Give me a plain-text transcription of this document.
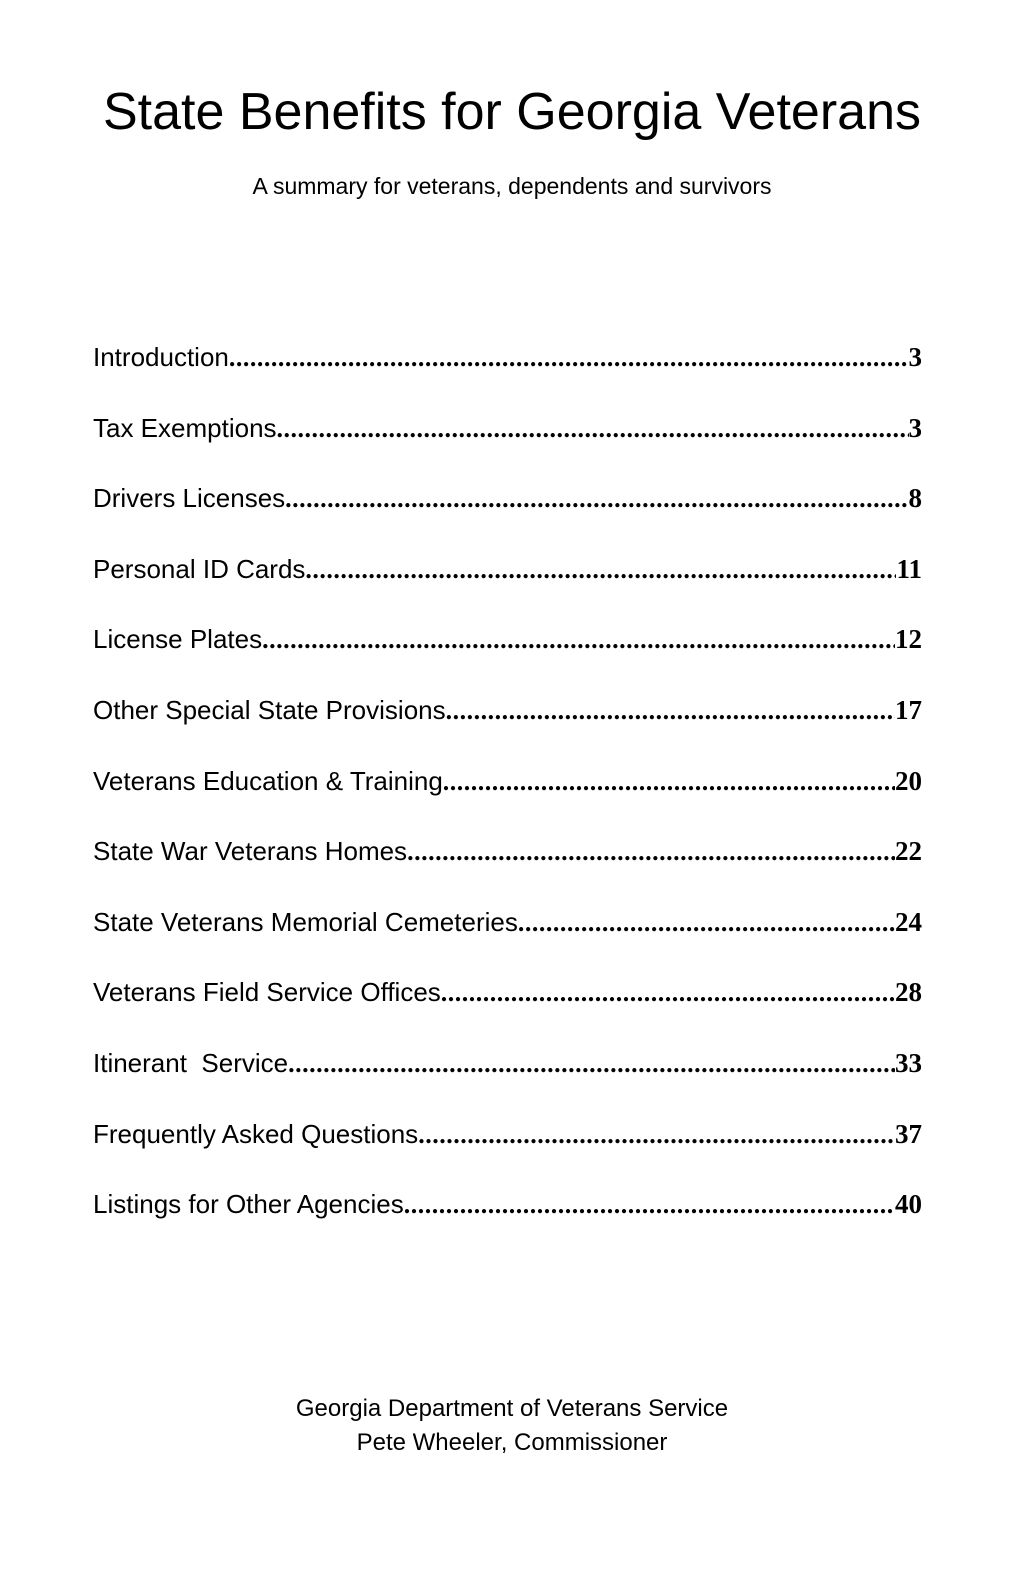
State Benefits for Georgia Veterans
A summary for veterans, dependents and survivors
Introduction .....	3
Tax Exemptions .....	3
Drivers Licenses .....	8
Personal ID Cards .....	11
License Plates .....	12
Other Special State Provisions .....	17
Veterans Education & Training .....	20
State War Veterans Homes .....	22
State Veterans Memorial Cemeteries .....	24
Veterans Field Service Offices .....	28
Itinerant  Service .....	33
Frequently Asked Questions .....	37
Listings for Other Agencies .....	40
Georgia Department of Veterans Service
Pete Wheeler, Commissioner
